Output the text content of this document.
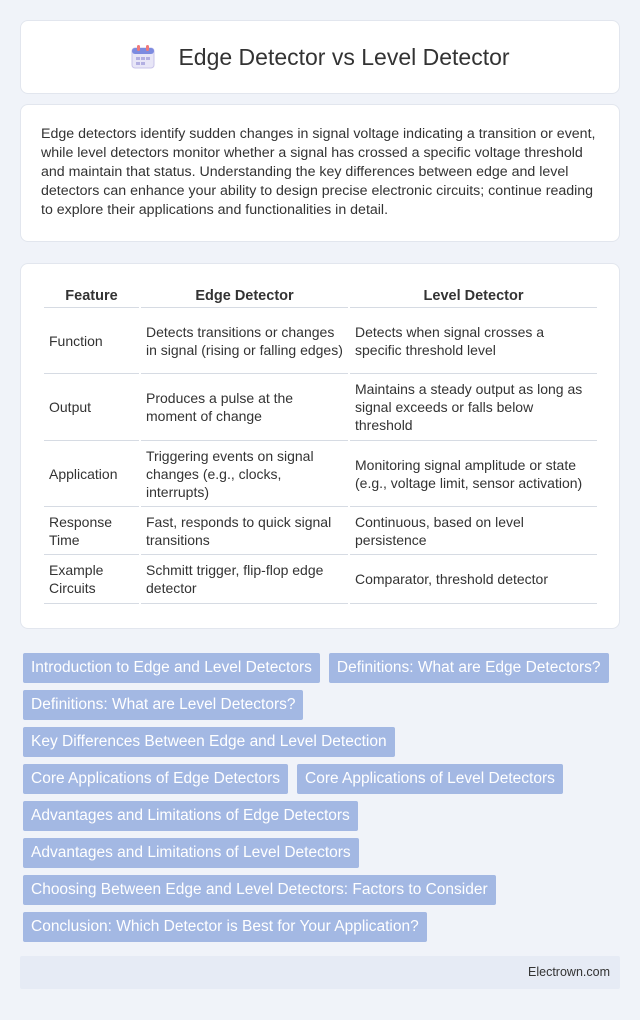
Edge Detector vs Level Detector

Edge detectors identify sudden changes in signal voltage indicating a transition or event, while level detectors monitor whether a signal has crossed a specific voltage threshold and maintain that status. Understanding the key differences between edge and level detectors can enhance your ability to design precise electronic circuits; continue reading to explore their applications and functionalities in detail.

Feature	Edge Detector	Level Detector
Function	Detects transitions or changes in signal (rising or falling edges)	Detects when signal crosses a specific threshold level
Output	Produces a pulse at the moment of change	Maintains a steady output as long as signal exceeds or falls below threshold
Application	Triggering events on signal changes (e.g., clocks, interrupts)	Monitoring signal amplitude or state (e.g., voltage limit, sensor activation)
Response Time	Fast, responds to quick signal transitions	Continuous, based on level persistence
Example Circuits	Schmitt trigger, flip-flop edge detector	Comparator, threshold detector
Introduction to Edge and Level Detectors	Definitions: What are Edge Detectors?
Definitions: What are Level Detectors?
Key Differences Between Edge and Level Detection
Core Applications of Edge Detectors	Core Applications of Level Detectors
Advantages and Limitations of Edge Detectors
Advantages and Limitations of Level Detectors
Choosing Between Edge and Level Detectors: Factors to Consider
Conclusion: Which Detector is Best for Your Application?
Electrown.com
